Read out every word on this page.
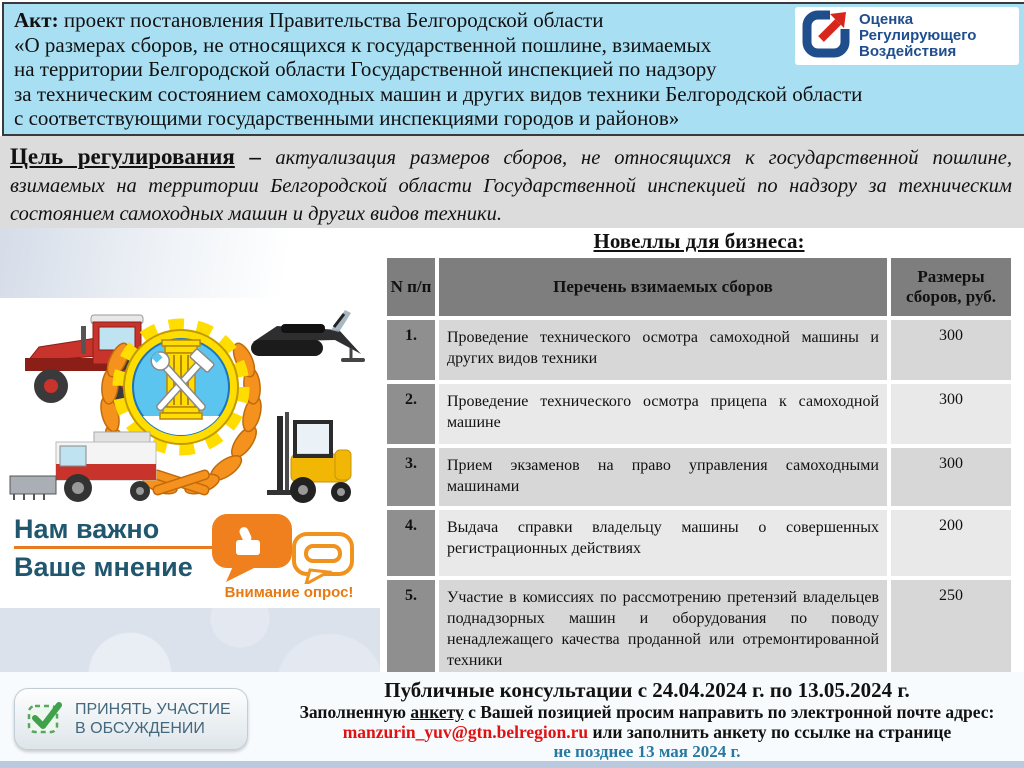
Акт: проект постановления Правительства Белгородской области
«О размерах сборов, не относящихся к государственной пошлине, взимаемых
на территории Белгородской области Государственной инспекцией по надзору
за техническим состоянием самоходных машин и других видов техники Белгородской области
с соответствующими государственными инспекциями городов и районов»
Оценка
Регулирующего
Воздействия
Цель регулирования – актуализация размеров сборов, не относящихся к государственной пошлине, взимаемых на территории Белгородской области Государственной инспекцией по надзору за техническим состоянием самоходных машин и других видов техники.
Нам важно
Ваше мнение
Внимание опрос!
Новеллы для бизнеса:
N п/п	Перечень взимаемых сборов	Размеры сборов, руб.
1.	Проведение технического осмотра самоходной машины и других видов техники	300
2.	Проведение технического осмотра прицепа к самоходной машине	300
3.	Прием экзаменов на право управления самоходными машинами	300
4.	Выдача справки владельцу машины о совершенных регистрационных действиях	200
5.	Участие в комиссиях по рассмотрению претензий владельцев поднадзорных машин и оборудования по поводу ненадлежащего качества проданной или отремонтированной техники	250
Публичные консультации с 24.04.2024 г. по 13.05.2024 г.
Заполненную анкету с Вашей позицией просим направить по электронной почте адрес:
manzurin_yuv@gtn.belregion.ru или заполнить анкету по ссылке на странице
не позднее 13 мая 2024 г.
ПРИНЯТЬ УЧАСТИЕ
В ОБСУЖДЕНИИ
